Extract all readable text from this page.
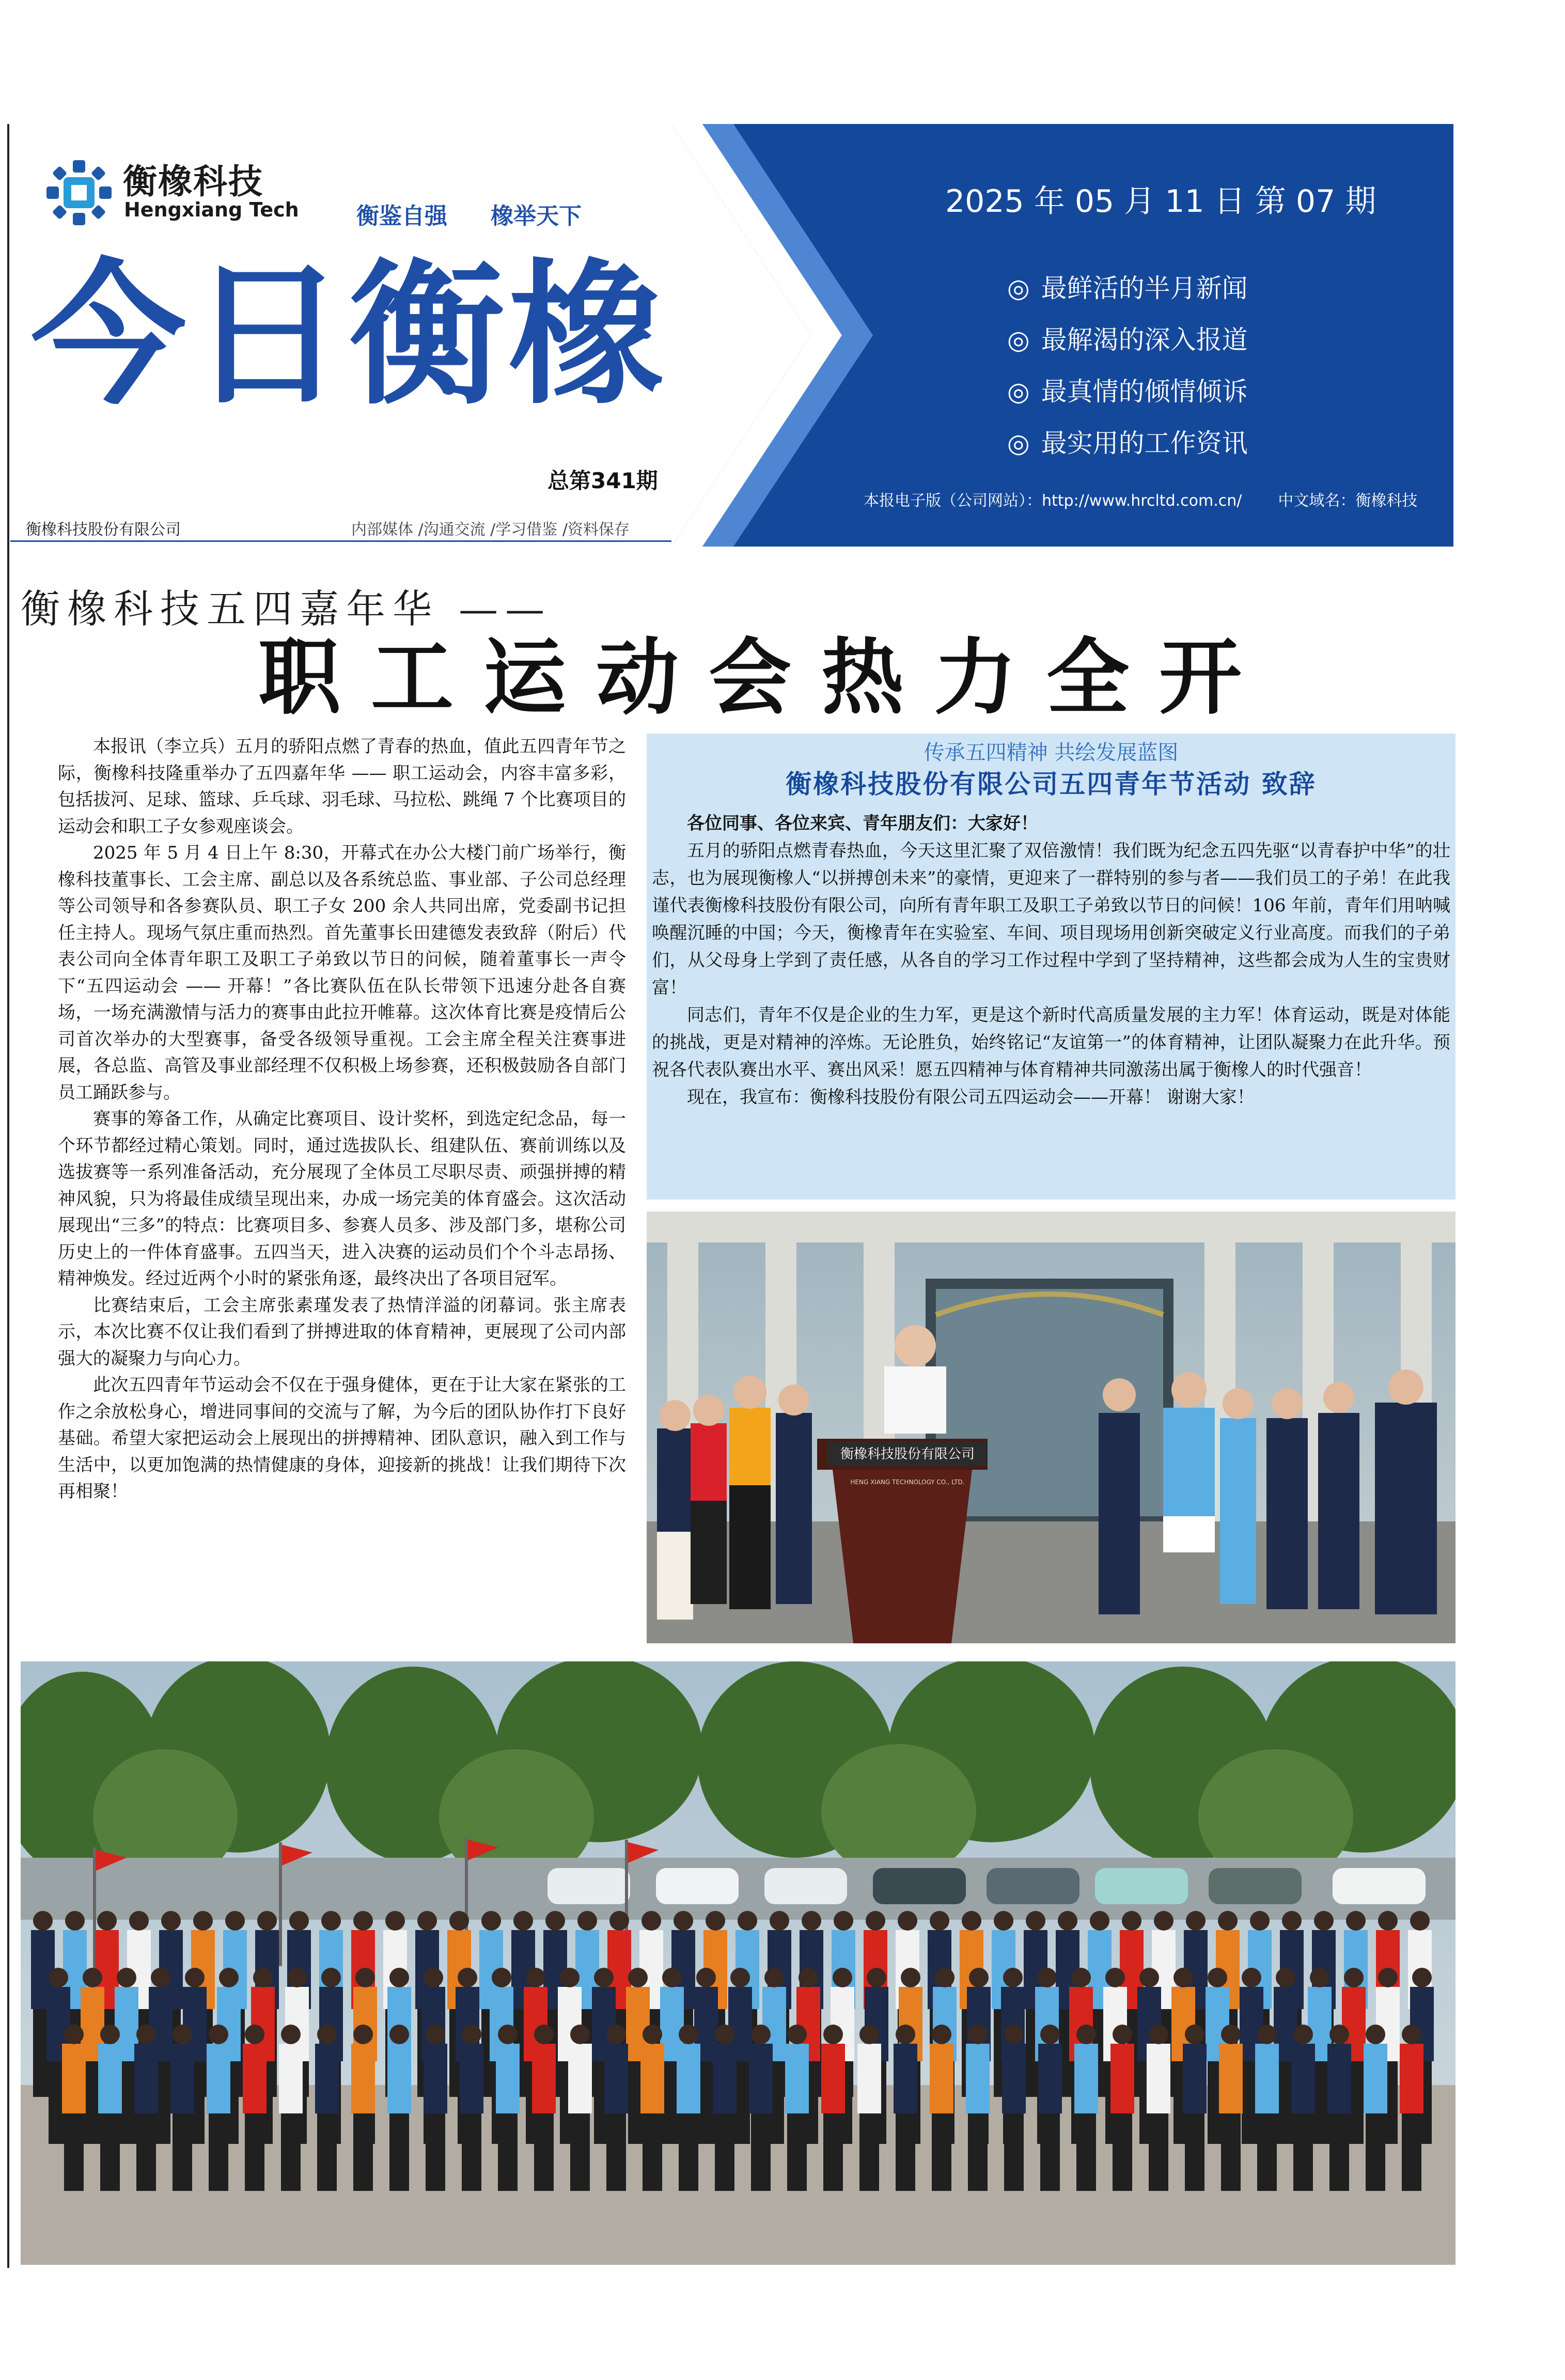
衡橡科技
Hengxiang Tech	衡鉴自强 橡举天下
今日衡橡
总第341期
衡橡科技股份有限公司	内部媒体 /沟通交流 /学习借鉴 /资料保存
2025 年 05 月 11 日 第 07 期
◎ 最鲜活的半月新闻
◎ 最解渴的深入报道
◎ 最真情的倾情倾诉
◎ 最实用的工作资讯
本报电子版（公司网站）：http://www.hrcltd.com.cn/ 中文域名：衡橡科技
衡橡科技五四嘉年华 ——
职工运动会热力全开

本报讯（李立兵）五月的骄阳点燃了青春的热血，值此五四青年节之际，衡橡科技隆重举办了五四嘉年华 —— 职工运动会，内容丰富多彩，包括拔河、足球、篮球、乒乓球、羽毛球、马拉松、跳绳 7 个比赛项目的运动会和职工子女参观座谈会。

2025 年 5 月 4 日上午 8:30，开幕式在办公大楼门前广场举行，衡橡科技董事长、工会主席、副总以及各系统总监、事业部、子公司总经理等公司领导和各参赛队员、职工子女 200 余人共同出席，党委副书记担任主持人。现场气氛庄重而热烈。首先董事长田建德发表致辞（附后）代表公司向全体青年职工及职工子弟致以节日的问候，随着董事长一声令下“五四运动会 —— 开幕！”各比赛队伍在队长带领下迅速分赴各自赛场，一场充满激情与活力的赛事由此拉开帷幕。这次体育比赛是疫情后公司首次举办的大型赛事，备受各级领导重视。工会主席全程关注赛事进展，各总监、高管及事业部经理不仅积极上场参赛，还积极鼓励各自部门员工踊跃参与。

赛事的筹备工作，从确定比赛项目、设计奖杯，到选定纪念品，每一个环节都经过精心策划。同时，通过选拔队长、组建队伍、赛前训练以及选拔赛等一系列准备活动，充分展现了全体员工尽职尽责、顽强拼搏的精神风貌，只为将最佳成绩呈现出来，办成一场完美的体育盛会。这次活动展现出“三多”的特点：比赛项目多、参赛人员多、涉及部门多，堪称公司历史上的一件体育盛事。五四当天，进入决赛的运动员们个个斗志昂扬、精神焕发。经过近两个小时的紧张角逐，最终决出了各项目冠军。

比赛结束后，工会主席张素瑾发表了热情洋溢的闭幕词。张主席表示，本次比赛不仅让我们看到了拼搏进取的体育精神，更展现了公司内部强大的凝聚力与向心力。

此次五四青年节运动会不仅在于强身健体，更在于让大家在紧张的工作之余放松身心，增进同事间的交流与了解，为今后的团队协作打下良好基础。希望大家把运动会上展现出的拼搏精神、团队意识，融入到工作与生活中，以更加饱满的热情健康的身体，迎接新的挑战！让我们期待下次再相聚！

传承五四精神 共绘发展蓝图
衡橡科技股份有限公司五四青年节活动 致辞

各位同事、各位来宾、青年朋友们：大家好！

五月的骄阳点燃青春热血，今天这里汇聚了双倍激情！我们既为纪念五四先驱“以青春护中华”的壮志，也为展现衡橡人“以拼搏创未来”的豪情，更迎来了一群特别的参与者——我们员工的子弟！在此我谨代表衡橡科技股份有限公司，向所有青年职工及职工子弟致以节日的问候！106 年前，青年们用呐喊唤醒沉睡的中国；今天，衡橡青年在实验室、车间、项目现场用创新突破定义行业高度。而我们的子弟们，从父母身上学到了责任感，从各自的学习工作过程中学到了坚持精神，这些都会成为人生的宝贵财富！

同志们，青年不仅是企业的生力军，更是这个新时代高质量发展的主力军！体育运动，既是对体能的挑战，更是对精神的淬炼。无论胜负，始终铭记“友谊第一”的体育精神，让团队凝聚力在此升华。预祝各代表队赛出水平、赛出风采！愿五四精神与体育精神共同激荡出属于衡橡人的时代强音！

现在，我宣布：衡橡科技股份有限公司五四运动会——开幕！ 谢谢大家！

衡橡科技股份有限公司
HENG XIANG TECHNOLOGY CO., LTD.
